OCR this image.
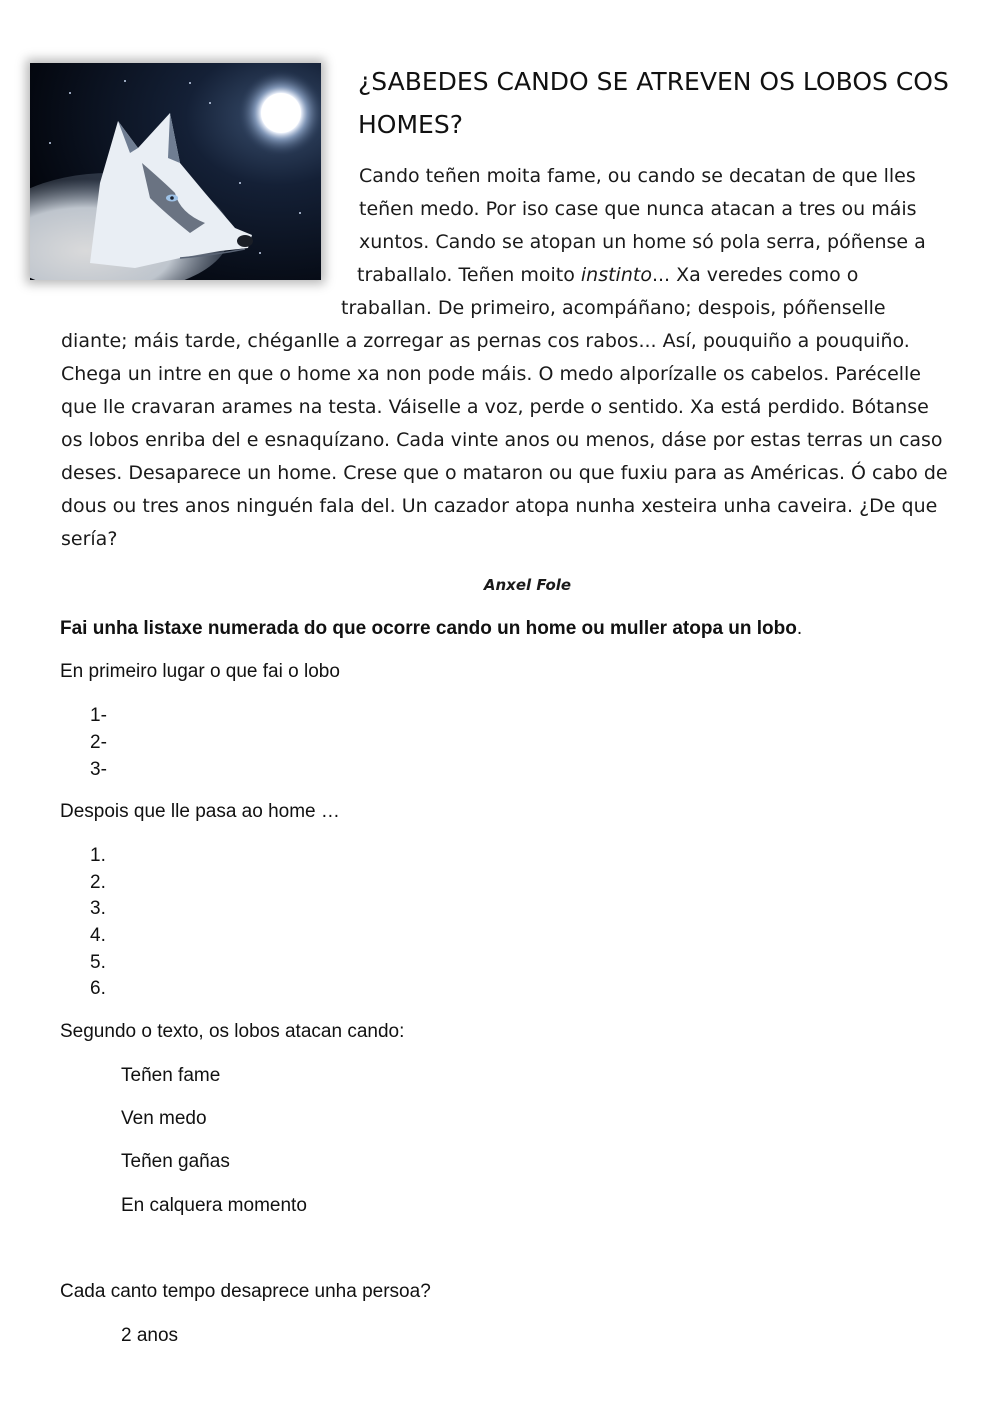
¿SABEDES CANDO SE ATREVEN OS LOBOS COS HOMES?
Cando teñen moita fame, ou cando se decatan de que lles
teñen medo. Por iso case que nunca atacan a tres ou máis
xuntos. Cando se atopan un home só pola serra, póñense a
traballalo. Teñen moito instinto... Xa veredes como o
traballan. De primeiro, acompáñano; despois, póñenselle
diante; máis tarde, chéganlle a zorregar as pernas cos rabos... Así, pouquiño a pouquiño.
Chega un intre en que o home xa non pode máis. O medo alporízalle os cabelos. Parécelle
que lle cravaran arames na testa. Váiselle a voz, perde o sentido. Xa está perdido. Bótanse
os lobos enriba del e esnaquízano. Cada vinte anos ou menos, dáse por estas terras un caso
deses. Desaparece un home. Crese que o mataron ou que fuxiu para as Américas. Ó cabo de
dous ou tres anos ninguén fala del. Un cazador atopa nunha xesteira unha caveira. ¿De que
sería?
Anxel Fole
Fai unha listaxe numerada do que ocorre cando un home ou muller atopa un lobo.
En primeiro lugar o que fai o lobo
1-
2-
3-
Despois que lle pasa ao home …
1.
2.
3.
4.
5.
6.
Segundo o texto, os lobos atacan cando:
Teñen fame
Ven medo
Teñen gañas
En calquera momento
Cada canto tempo desaprece unha persoa?
2 anos
